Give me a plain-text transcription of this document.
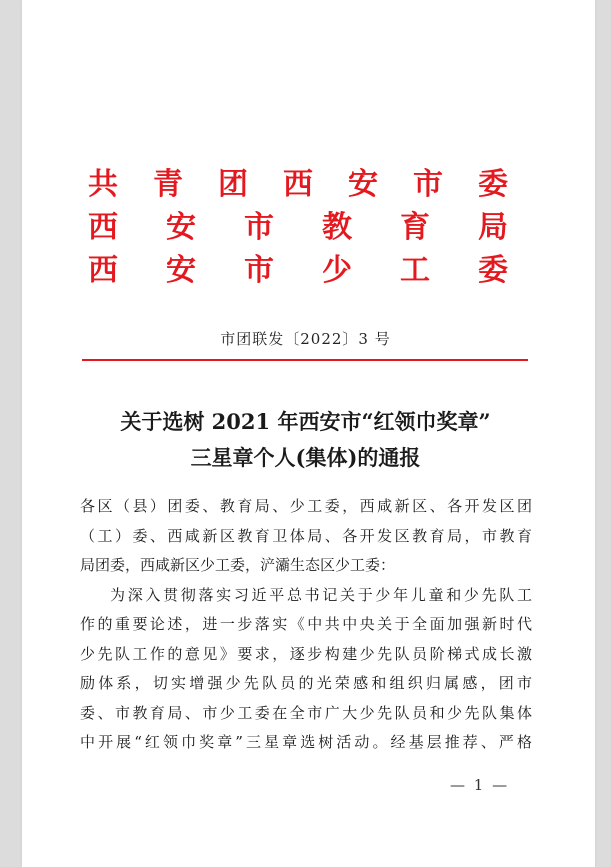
共 青 团 西 安 市 委
西 安 市 教 育 局
西 安 市 少 工 委
市团联发〔2022〕3 号
关于选树 2021 年西安市“红领巾奖章”
三星章个人(集体)的通报
各区（县）团委、教育局、少工委，西咸新区、各开发区团
（工）委、西咸新区教育卫体局、各开发区教育局，市教育
局团委，西咸新区少工委，浐灞生态区少工委：
为深入贯彻落实习近平总书记关于少年儿童和少先队工
作的重要论述，进一步落实《中共中央关于全面加强新时代
少先队工作的意见》要求，逐步构建少先队员阶梯式成长激
励体系，切实增强少先队员的光荣感和组织归属感，团市
委、市教育局、市少工委在全市广大少先队员和少先队集体
中开展“红领巾奖章”三星章选树活动。经基层推荐、严格
— 1 —
